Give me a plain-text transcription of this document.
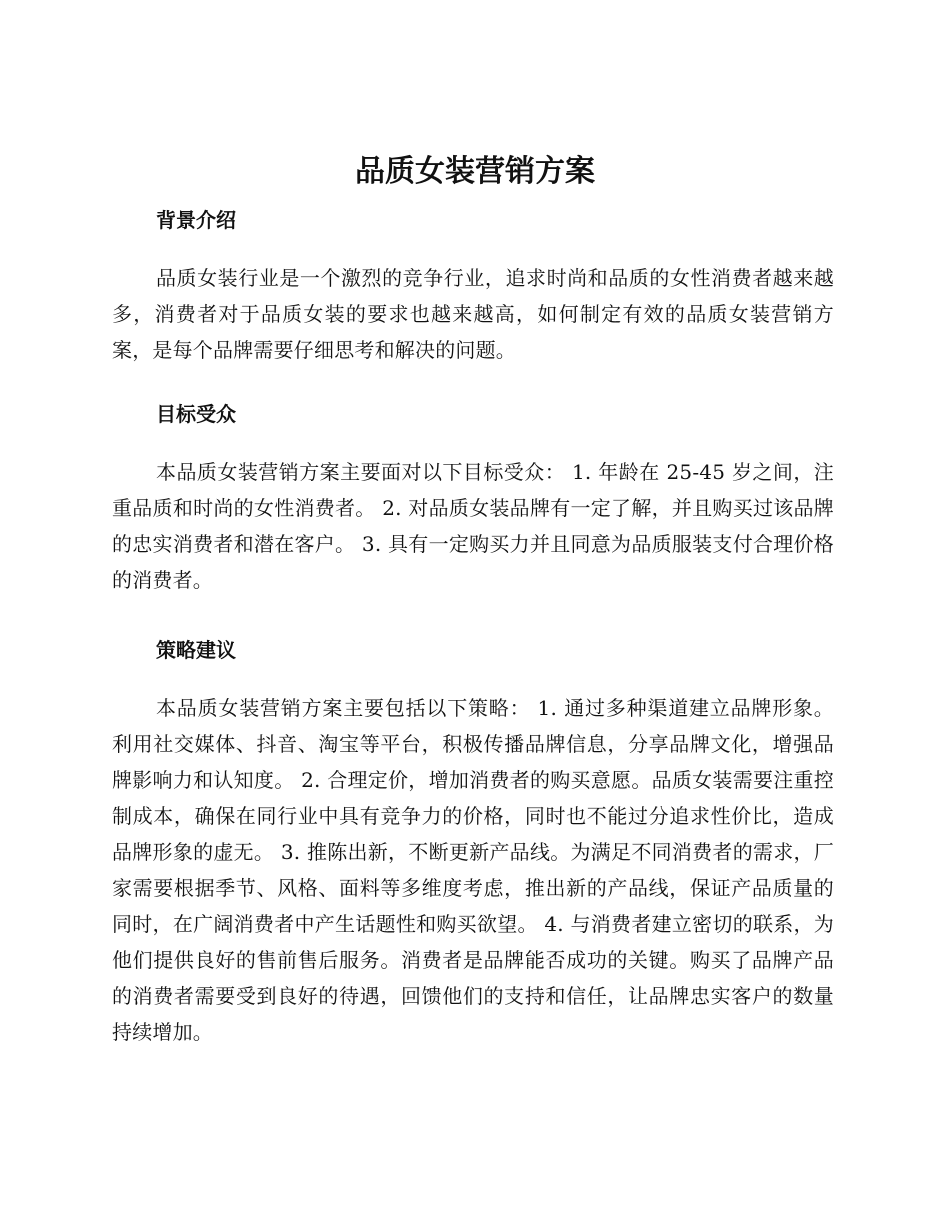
品质女装营销方案
背景介绍

品质女装行业是一个激烈的竞争行业，追求时尚和品质的女性消费者越来越多，消费者对于品质女装的要求也越来越高，如何制定有效的品质女装营销方案，是每个品牌需要仔细思考和解决的问题。

目标受众

本品质女装营销方案主要面对以下目标受众： 1. 年龄在 25-45 岁之间，注重品质和时尚的女性消费者。 2. 对品质女装品牌有一定了解，并且购买过该品牌的忠实消费者和潜在客户。 3. 具有一定购买力并且同意为品质服装支付合理价格的消费者。

策略建议

本品质女装营销方案主要包括以下策略： 1. 通过多种渠道建立品牌形象。利用社交媒体、抖音、淘宝等平台，积极传播品牌信息，分享品牌文化，增强品牌影响力和认知度。 2. 合理定价，增加消费者的购买意愿。品质女装需要注重控制成本，确保在同行业中具有竞争力的价格，同时也不能过分追求性价比，造成品牌形象的虚无。 3. 推陈出新，不断更新产品线。为满足不同消费者的需求，厂家需要根据季节、风格、面料等多维度考虑，推出新的产品线，保证产品质量的同时，在广阔消费者中产生话题性和购买欲望。 4. 与消费者建立密切的联系，为他们提供良好的售前售后服务。消费者是品牌能否成功的关键。购买了品牌产品的消费者需要受到良好的待遇，回馈他们的支持和信任，让品牌忠实客户的数量持续增加。
